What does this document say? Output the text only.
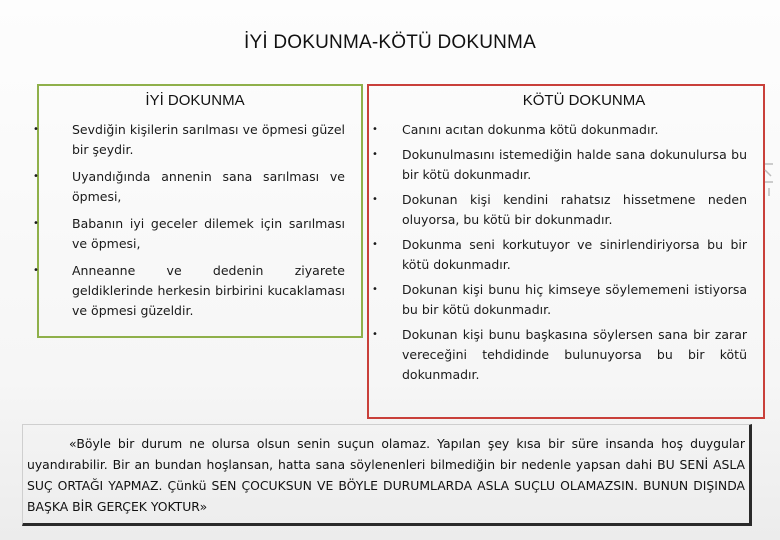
İYİ DOKUNMA-KÖTÜ DOKUNMA
İYİ DOKUNMA
•	Sevdiğin kişilerin sarılması ve öpmesi güzel bir şeydir.
•	Uyandığında annenin sana sarılması ve öpmesi,
•	Babanın iyi geceler dilemek için sarılması ve öpmesi,
•	Anneanne ve dedenin ziyarete geldiklerinde herkesin birbirini kucaklaması ve öpmesi güzeldir.
KÖTÜ DOKUNMA
•	Canını acıtan dokunma kötü dokunmadır.
•	Dokunulmasını istemediğin halde sana dokunulursa bu bir kötü dokunmadır.
•	Dokunan kişi kendini rahatsız hissetmene neden oluyorsa, bu kötü bir dokunmadır.
•	Dokunma seni korkutuyor ve sinirlendiriyorsa bu bir kötü dokunmadır.
•	Dokunan kişi bunu hiç kimseye söylememeni istiyorsa bu bir kötü dokunmadır.
•	Dokunan kişi bunu başkasına söylersen sana bir zarar vereceğini tehdidinde bulunuyorsa bu bir kötü dokunmadır.

«Böyle bir durum ne olursa olsun senin suçun olamaz. Yapılan şey kısa bir süre insanda hoş duygular uyandırabilir. Bir an bundan hoşlansan, hatta sana söylenenleri bilmediğin bir nedenle yapsan dahi BU SENİ ASLA SUÇ ORTAĞI YAPMAZ. Çünkü SEN ÇOCUKSUN VE BÖYLE DURUMLARDA ASLA SUÇLU OLAMAZSIN. BUNUN DIŞINDA BAŞKA BİR GERÇEK YOKTUR»
